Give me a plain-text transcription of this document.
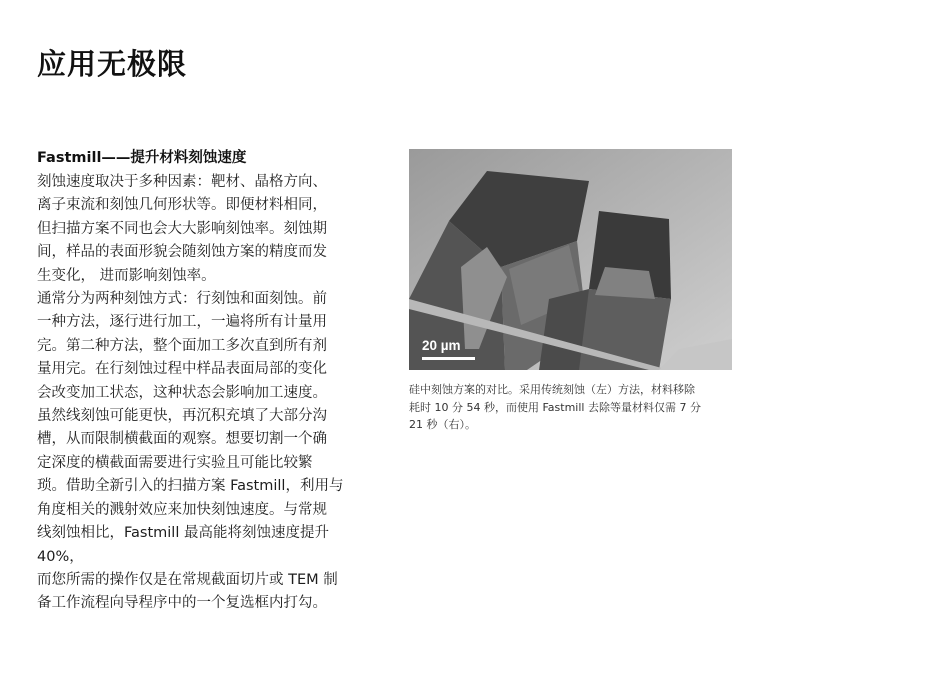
应用无极限

Fastmill——提升材料刻蚀速度

刻蚀速度取决于多种因素：靶材、晶格方向、
离子束流和刻蚀几何形状等。即便材料相同，
但扫描方案不同也会大大影响刻蚀率。刻蚀期
间，样品的表面形貌会随刻蚀方案的精度而发
生变化， 进而影响刻蚀率。
通常分为两种刻蚀方式：行刻蚀和面刻蚀。前
一种方法，逐行进行加工，一遍将所有计量用
完。第二种方法，整个面加工多次直到所有剂
量用完。在行刻蚀过程中样品表面局部的变化
会改变加工状态，这种状态会影响加工速度。
虽然线刻蚀可能更快，再沉积充填了大部分沟
槽，从而限制横截面的观察。想要切割一个确
定深度的横截面需要进行实验且可能比较繁
琐。借助全新引入的扫描方案 Fastmill，利用与
角度相关的溅射效应来加快刻蚀速度。与常规
线刻蚀相比，Fastmill 最高能将刻蚀速度提升
40%，
而您所需的操作仅是在常规截面切片或 TEM 制
备工作流程向导程序中的一个复选框内打勾。
20 µm
硅中刻蚀方案的对比。采用传统刻蚀（左）方法，材料移除
耗时 10 分 54 秒，而使用 Fastmill 去除等量材料仅需 7 分
21 秒（右）。
